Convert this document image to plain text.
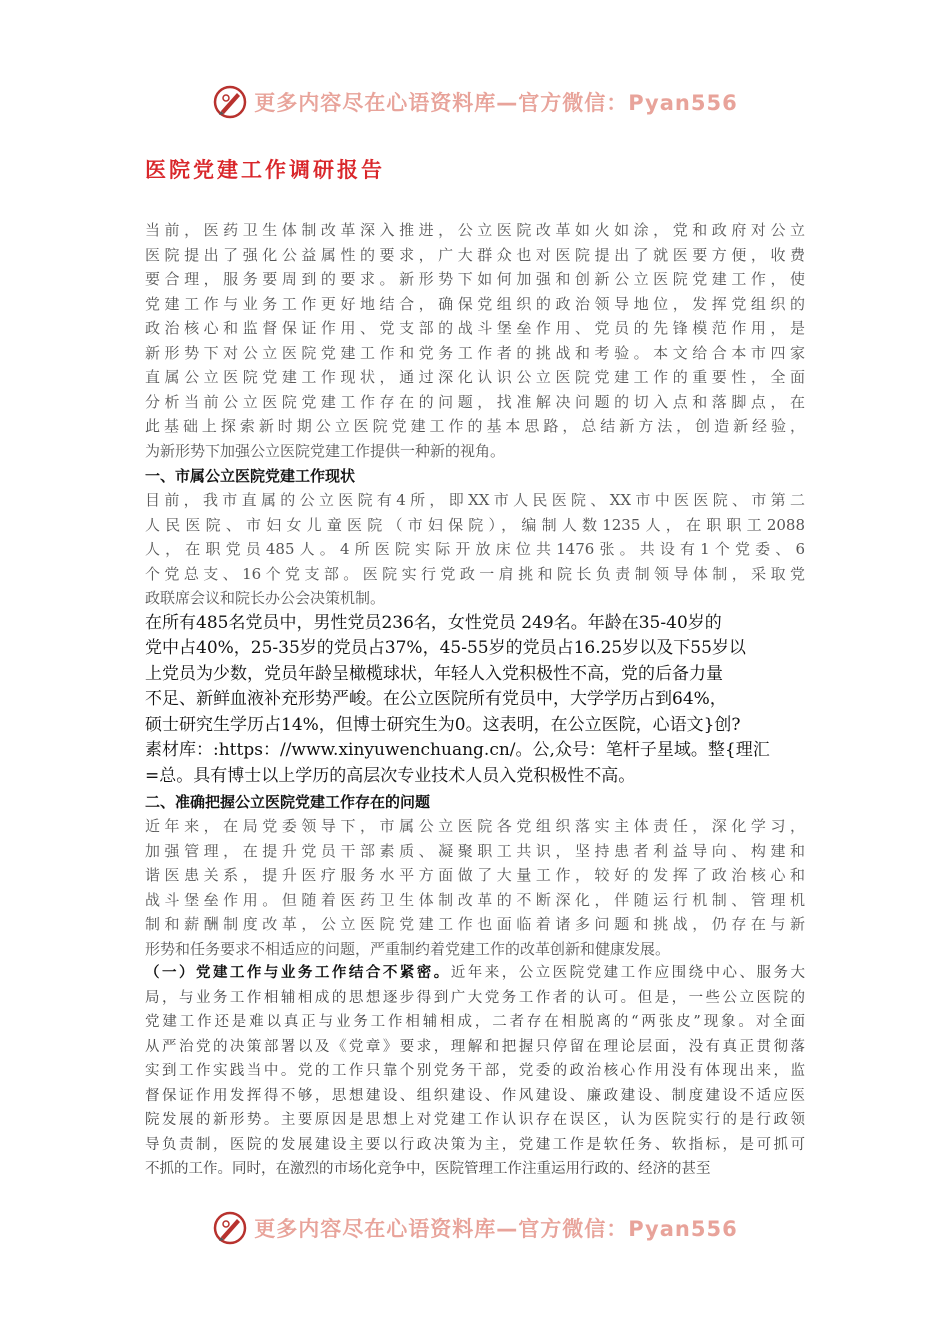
更多内容尽在心语资料库—官方微信：Pyan556
医院党建工作调研报告

当前，医药卫生体制改革深入推进，公立医院改革如火如涂，党和政府对公立
医院提出了强化公益属性的要求，广大群众也对医院提出了就医要方便，收费
要合理，服务要周到的要求。新形势下如何加强和创新公立医院党建工作，使
党建工作与业务工作更好地结合，确保党组织的政治领导地位，发挥党组织的
政治核心和监督保证作用、党支部的战斗堡垒作用、党员的先锋模范作用，是
新形势下对公立医院党建工作和党务工作者的挑战和考验。本文给合本市四家
直属公立医院党建工作现状，通过深化认识公立医院党建工作的重要性，全面
分析当前公立医院党建工作存在的问题，找准解决问题的切入点和落脚点，在
此基础上探索新时期公立医院党建工作的基本思路，总结新方法，创造新经验，
为新形势下加强公立医院党建工作提供一种新的视角。

一、市属公立医院党建工作现状

目前，我市直属的公立医院有4所，即XX市人民医院、XX市中医医院、市第二
人民医院、市妇女儿童医院（市妇保院），编制人数1235人，在职职工2088
人，在职党员485人。4所医院实际开放床位共1476张。共设有1个党委、6
个党总支、16个党支部。医院实行党政一肩挑和院长负责制领导体制，采取党
政联席会议和院长办公会决策机制。

在所有485名党员中，男性党员236名，女性党员 249名。年龄在35-40岁的
党中占40%，25-35岁的党员占37%，45-55岁的党员占16.25岁以及下55岁以
上党员为少数，党员年龄呈橄榄球状，年轻人入党积极性不高，党的后备力量
不足、新鲜血液补充形势严峻。在公立医院所有党员中，大学学历占到64%，
硕士研究生学历占14%，但博士研究生为0。这表明，在公立医院，心语文}创?
素材库：:https：//www.xinyuwenchuang.cn/。公,众号：笔杆子星域。整{理汇
=总。具有博士以上学历的高层次专业技术人员入党积极性不高。

二、准确把握公立医院党建工作存在的问题

近年来，在局党委领导下，市属公立医院各党组织落实主体责任，深化学习，
加强管理，在提升党员干部素质、凝聚职工共识，坚持患者利益导向、构建和
谐医患关系，提升医疗服务水平方面做了大量工作，较好的发挥了政治核心和
战斗堡垒作用。但随着医药卫生体制改革的不断深化，伴随运行机制、管理机
制和薪酬制度改革，公立医院党建工作也面临着诸多问题和挑战，仍存在与新
形势和任务要求不相适应的问题，严重制约着党建工作的改革创新和健康发展。

（一）党建工作与业务工作结合不紧密。近年来，公立医院党建工作应围绕中心、服务大
局，与业务工作相辅相成的思想逐步得到广大党务工作者的认可。但是，一些公立医院的
党建工作还是难以真正与业务工作相辅相成，二者存在相脱离的“两张皮”现象。对全面
从严治党的决策部署以及《党章》要求，理解和把握只停留在理论层面，没有真正贯彻落
实到工作实践当中。党的工作只靠个别党务干部，党委的政治核心作用没有体现出来，监
督保证作用发挥得不够，思想建设、组织建设、作风建设、廉政建设、制度建设不适应医
院发展的新形势。主要原因是思想上对党建工作认识存在误区，认为医院实行的是行政领
导负责制，医院的发展建设主要以行政决策为主，党建工作是软任务、软指标，是可抓可
不抓的工作。同时，在激烈的市场化竞争中，医院管理工作注重运用行政的、经济的甚至

更多内容尽在心语资料库—官方微信：Pyan556
